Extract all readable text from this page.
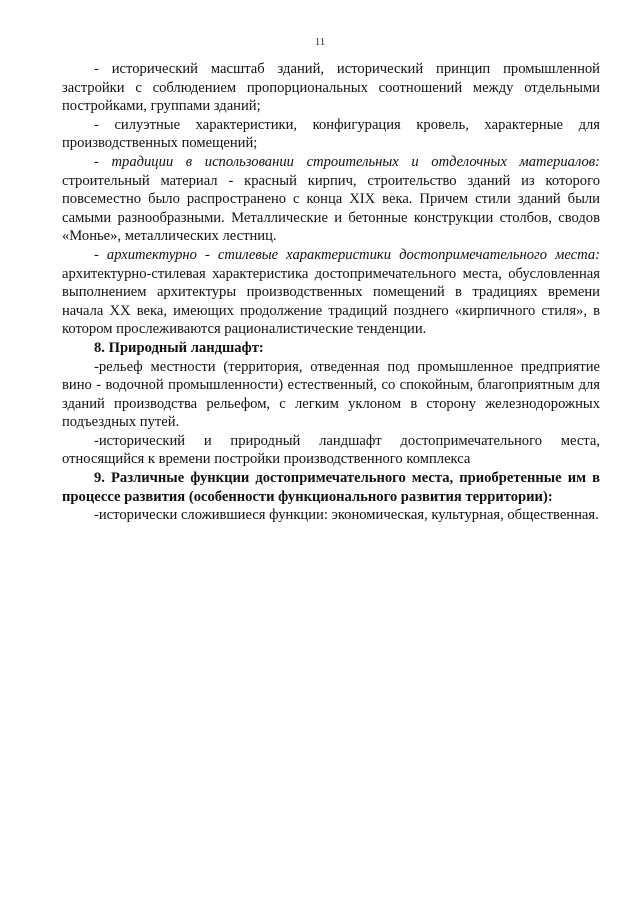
11

- исторический масштаб зданий, исторический принцип промышленной застройки с соблюдением пропорциональных соотношений между отдельными постройками, группами зданий;

- силуэтные характеристики, конфигурация кровель, характерные для производственных помещений;

- традиции в использовании строительных и отделочных материалов: строительный материал - красный кирпич, строительство зданий из которого повсеместно было распространено с конца XIX века. Причем стили зданий были самыми разнообразными. Металлические и бетонные конструкции столбов, сводов «Монье», металлических лестниц.

- архитектурно - стилевые характеристики достопримечательного места: архитектурно-стилевая характеристика достопримечательного места, обусловленная выполнением архитектуры производственных помещений в традициях времени начала XX века, имеющих продолжение традиций позднего «кирпичного стиля», в котором прослеживаются рационалистические тенденции.

8. Природный ландшафт:

-рельеф местности (территория, отведенная под промышленное предприятие вино - водочной промышленности) естественный, со спокойным, благоприятным для зданий производства рельефом, с легким уклоном в сторону железнодорожных подъездных путей.

-исторический и природный ландшафт достопримечательного места, относящийся к времени постройки производственного комплекса

9. Различные функции достопримечательного места, приобретенные им в процессе развития (особенности функционального развития территории):

-исторически сложившиеся функции: экономическая, культурная, общественная.
